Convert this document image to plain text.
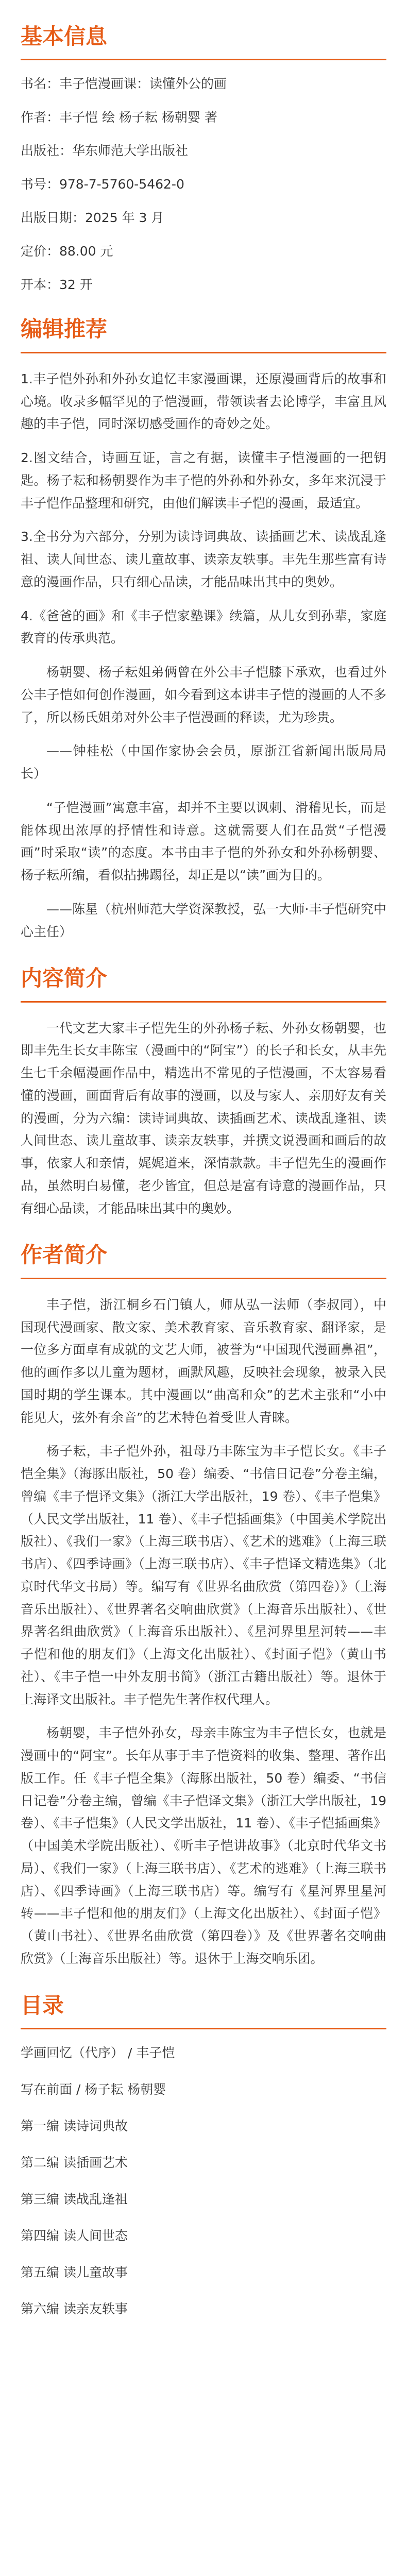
基本信息

书名：丰子恺漫画课：读懂外公的画

作者：丰子恺 绘 杨子耘 杨朝婴 著

出版社：华东师范大学出版社

书号：978-7-5760-5462-0

出版日期：2025 年 3 月

定价：88.00 元

开本：32 开

编辑推荐

1.丰子恺外孙和外孙女追忆丰家漫画课，还原漫画背后的故事和心境。收录多幅罕见的子恺漫画，带领读者去论博学，丰富且风趣的丰子恺，同时深切感受画作的奇妙之处。

2.图文结合，诗画互证，言之有据，读懂丰子恺漫画的一把钥匙。杨子耘和杨朝婴作为丰子恺的外孙和外孙女，多年来沉浸于丰子恺作品整理和研究，由他们解读丰子恺的漫画，最适宜。

3.全书分为六部分，分别为读诗词典故、读插画艺术、读战乱逢祖、读人间世态、读儿童故事、读亲友轶事。丰先生那些富有诗意的漫画作品，只有细心品读，才能品味出其中的奥妙。

4.《爸爸的画》和《丰子恺家塾课》续篇，从儿女到孙辈，家庭教育的传承典范。

杨朝婴、杨子耘姐弟俩曾在外公丰子恺膝下承欢，也看过外公丰子恺如何创作漫画，如今看到这本讲丰子恺的漫画的人不多了，所以杨氏姐弟对外公丰子恺漫画的释读，尤为珍贵。

——钟桂松（中国作家协会会员，原浙江省新闻出版局局长）

“子恺漫画”寓意丰富，却并不主要以讽刺、滑稽见长，而是能体现出浓厚的抒情性和诗意。这就需要人们在品赏“子恺漫画”时采取“读”的态度。本书由丰子恺的外孙女和外孙杨朝婴、杨子耘所编，看似拈拂踢径，却正是以“读”画为目的。

——陈星（杭州师范大学资深教授，弘一大师·丰子恺研究中心主任）

内容简介

一代文艺大家丰子恺先生的外孙杨子耘、外孙女杨朝婴，也即丰先生长女丰陈宝（漫画中的“阿宝”）的长子和长女，从丰先生七千余幅漫画作品中，精选出不常见的子恺漫画，不太容易看懂的漫画，画面背后有故事的漫画，以及与家人、亲朋好友有关的漫画，分为六编：读诗词典故、读插画艺术、读战乱逢祖、读人间世态、读儿童故事、读亲友轶事，并撰文说漫画和画后的故事，依家人和亲情，娓娓道来，深情款款。丰子恺先生的漫画作品，虽然明白易懂，老少皆宜，但总是富有诗意的漫画作品，只有细心品读，才能品味出其中的奥妙。

作者简介

丰子恺，浙江桐乡石门镇人，师从弘一法师（李叔同），中国现代漫画家、散文家、美术教育家、音乐教育家、翻译家，是一位多方面卓有成就的文艺大师，被誉为“中国现代漫画鼻祖”，他的画作多以儿童为题材，画默风趣，反映社会现象，被录入民国时期的学生课本。其中漫画以“曲高和众”的艺术主张和“小中能见大，弦外有余音”的艺术特色着受世人青睐。

杨子耘，丰子恺外孙，祖母乃丰陈宝为丰子恺长女。《丰子恺全集》（海豚出版社，50 卷）编委、“书信日记卷”分卷主编，曾编《丰子恺译文集》（浙江大学出版社，19 卷）、《丰子恺集》（人民文学出版社，11 卷）、《丰子恺插画集》（中国美术学院出版社）、《我们一家》（上海三联书店）、《艺术的逃难》（上海三联书店）、《四季诗画》（上海三联书店）、《丰子恺译文精选集》（北京时代华文书局）等。编写有《世界名曲欣赏（第四卷）》（上海音乐出版社）、《世界著名交响曲欣赏》（上海音乐出版社）、《世界著名组曲欣赏》（上海音乐出版社）、《星河界里星河转——丰子恺和他的朋友们》（上海文化出版社）、《封面子恺》（黄山书社）、《丰子恺一中外友朋书简》（浙江古籍出版社）等。退休于上海译文出版社。丰子恺先生著作权代理人。

杨朝婴，丰子恺外孙女，母亲丰陈宝为丰子恺长女，也就是漫画中的“阿宝”。长年从事于丰子恺资料的收集、整理、著作出版工作。任《丰子恺全集》（海豚出版社，50 卷）编委、“书信日记卷”分卷主编，曾编《丰子恺译文集》（浙江大学出版社，19 卷）、《丰子恺集》（人民文学出版社，11 卷）、《丰子恺插画集》（中国美术学院出版社）、《听丰子恺讲故事》（北京时代华文书局）、《我们一家》（上海三联书店）、《艺术的逃难》（上海三联书店）、《四季诗画》（上海三联书店）等。编写有《星河界里星河转——丰子恺和他的朋友们》（上海文化出版社）、《封面子恺》（黄山书社）、《世界名曲欣赏（第四卷）》及《世界著名交响曲欣赏》（上海音乐出版社）等。退休于上海交响乐团。

目录

学画回忆（代序） / 丰子恺

写在前面 / 杨子耘 杨朝婴

第一编 读诗词典故

第二编 读插画艺术

第三编 读战乱逢祖

第四编 读人间世态

第五编 读儿童故事

第六编 读亲友轶事
